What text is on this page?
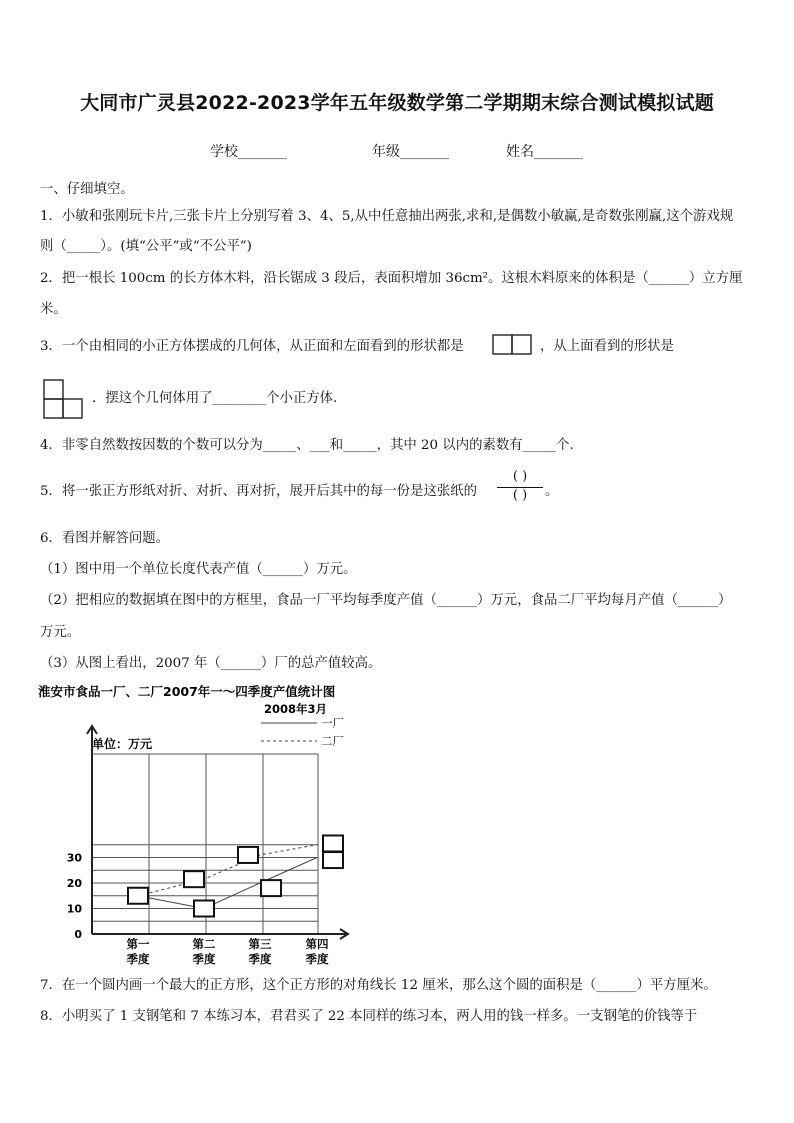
大同市广灵县2022-2023学年五年级数学第二学期期末综合测试模拟试题
学校_______	年级_______	姓名_______
一、仔细填空。
1．小敏和张刚玩卡片,三张卡片上分别写着 3、4、5,从中任意抽出两张,求和,是偶数小敏赢,是奇数张刚赢,这个游戏规
则（_____）。(填“公平”或“不公平”)
2．把一根长 100cm 的长方体木料，沿长锯成 3 段后，表面积增加 36cm²。这根木料原来的体积是（______）立方厘
米。
3．一个由相同的小正方体摆成的几何体，从正面和左面看到的形状都是	，从上面看到的形状是
．摆这个几何体用了________个小正方体.
4．非零自然数按因数的个数可以分为_____、___和_____，其中 20 以内的素数有_____个.
5．将一张正方形纸对折、对折、再对折，展开后其中的每一份是这张纸的
( )
( )	。
6．看图并解答问题。
（1）图中用一个单位长度代表产值（______）万元。
（2）把相应的数据填在图中的方框里，食品一厂平均每季度产值（______）万元，食品二厂平均每月产值（______）
万元。
（3）从图上看出，2007 年（______）厂的总产值较高。
淮安市食品一厂、二厂2007年一～四季度产值统计图
2008年3月
一厂
二厂
单位：万元
0
10
20
30
第一
季度
第二
季度
第三
季度
第四
季度
7．在一个圆内画一个最大的正方形，这个正方形的对角线长 12 厘米，那么这个圆的面积是（______）平方厘米。
8．小明买了 1 支钢笔和 7 本练习本，君君买了 22 本同样的练习本，两人用的钱一样多。一支钢笔的价钱等于
